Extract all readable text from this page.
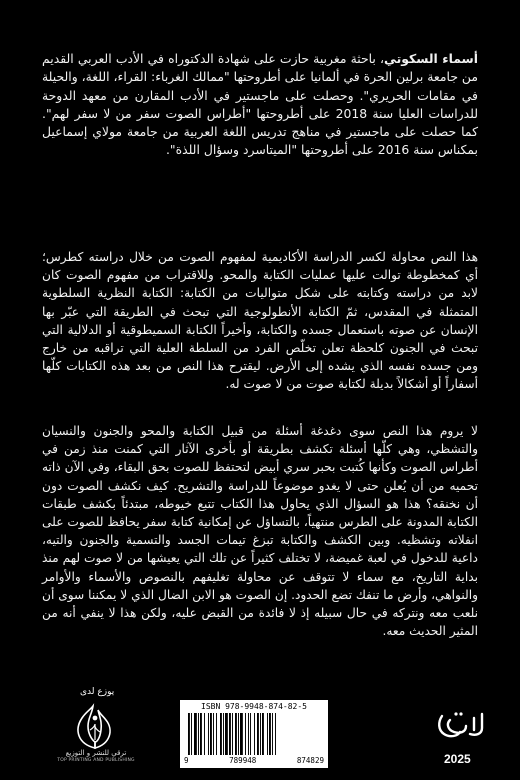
أسماء السكوتي، باحثة مغربية حازت على شهادة الدكتوراه في الأدب العربي القديم من جامعة برلين الحرة في ألمانيا على أطروحتها "ممالك الغرباء: القراء، اللغة، والحيلة في مقامات الحريري". وحصلت على ماجستير في الأدب المقارن من معهد الدوحة للدراسات العليا سنة 2018 على أطروحتها "أطراس الصوت سفر من لا سفر لهم". كما حصلت على ماجستير في مناهج تدريس اللغة العربية من جامعة مولاي إسماعيل بمكناس سنة 2016 على أطروحتها "الميتاسرد وسؤال اللذة".

هذا النص محاولة لكسر الدراسة الأكاديمية لمفهوم الصوت من خلال دراسته كطرس؛ أي كمخطوطة توالت عليها عمليات الكتابة والمحو. وللاقتراب من مفهوم الصوت كان لابد من دراسته وكتابته على شكل متواليات من الكتابة: الكتابة النظرية السلطوية المتمثلة في المقدس، ثمّ الكتابة الأنطولوجية التي تبحث في الطريقة التي عبّر بها الإنسان عن صوته باستعمال جسده والكتابة، وأخيراً الكتابة السميطوقية أو الدلالية التي تبحث في الجنون كلحظة تعلن تخلّص الفرد من السلطة العلية التي تراقبه من خارج ومن جسده نفسه الذي يشده إلى الأرض. ليقترح هذا النص من بعد هذه الكتابات كلّها أسفاراً أو أشكالاً بديلة لكتابة صوت من لا صوت له.

لا يروم هذا النص سوى دغدغة أسئلة من قبيل الكتابة والمحو والجنون والنسيان والتشظي، وهي كلّها أسئلة تكشف بطريقة أو بأخرى الآثار التي كمنت منذ زمن في أطراس الصوت وكأنها كُتبت بحبر سري أبيض لتحتفظ للصوت بحق البقاء، وفي الآن ذاته تحميه من أن يُعلن حتى لا يغدو موضوعاً للدراسة والتشريح. كيف نكشف الصوت دون أن نخنقه؟ هذا هو السؤال الذي يحاول هذا الكتاب تتبع خيوطه، مبتدئاً بكشف طبقات الكتابة المدونة على الطرس منتهياً، بالتساؤل عن إمكانية كتابة سفر يحافظ للصوت على انفلاته وتشظيه. وبين الكشف والكتابة تبزغ تيمات الجسد والتسمية والجنون والتيه، داعية للدخول في لعبة غميضة، لا تختلف كثيراً عن تلك التي يعيشها من لا صوت لهم منذ بداية التاريخ، مع سماء لا تتوقف عن محاولة تغليفهم بالنصوص والأسماء والأوامر والنواهي، وأرض ما تنفك تضع الحدود. إن الصوت هو الابن الضال الذي لا يمكننا سوى أن نلعب معه ونتركه في حال سبيله إذ لا فائدة من القبض عليه، ولكن هذا لا ينفي أنه من المثير الحديث معه.

يوزع لدى
ترقي للنشر و التوزيع
TOP PRINTING AND PUBLISHING
ISBN 978-9948-874-82-5
9	789948	874829	2025
